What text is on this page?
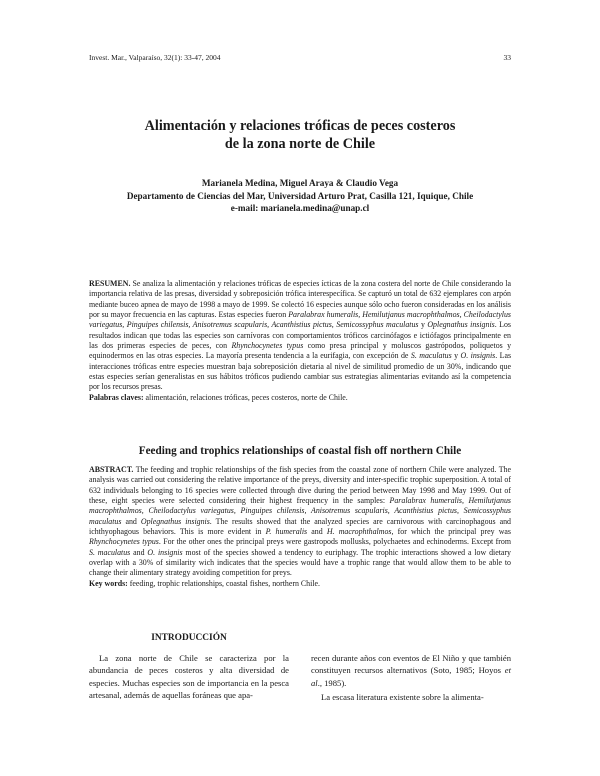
Invest. Mar., Valparaíso, 32(1): 33-47, 2004	33
Alimentación y relaciones tróficas de peces costeros
de la zona norte de Chile
Marianela Medina, Miguel Araya & Claudio Vega
Departamento de Ciencias del Mar, Universidad Arturo Prat, Casilla 121, Iquique, Chile
e-mail: marianela.medina@unap.cl
RESUMEN. Se analiza la alimentación y relaciones tróficas de especies ícticas de la zona costera del norte de Chile considerando la importancia relativa de las presas, diversidad y sobreposición trófica interespecífica. Se capturó un total de 632 ejemplares con arpón mediante buceo apnea de mayo de 1998 a mayo de 1999. Se colectó 16 especies aunque sólo ocho fueron consideradas en los análisis por su mayor frecuencia en las capturas. Estas especies fueron Paralabrax humeralis, Hemilutjanus macrophthalmos, Cheilodactylus variegatus, Pinguipes chilensis, Anisotremus scapularis, Acanthistius pictus, Semicossyphus maculatus y Oplegnathus insignis. Los resultados indican que todas las especies son carnívoras con comportamientos tróficos carcinófagos e ictiófagos principalmente en las dos primeras especies de peces, con Rhynchocynetes typus como presa principal y moluscos gastrópodos, poliquetos y equinodermos en las otras especies. La mayoría presenta tendencia a la eurifagia, con excepción de S. maculatus y O. insignis. Las interacciones tróficas entre especies muestran baja sobreposición dietaria al nivel de similitud promedio de un 30%, indicando que estas especies serían generalistas en sus hábitos tróficos pudiendo cambiar sus estrategias alimentarias evitando así la competencia por los recursos presas.
Palabras claves: alimentación, relaciones tróficas, peces costeros, norte de Chile.
Feeding and trophics relationships of coastal fish off northern Chile
ABSTRACT. The feeding and trophic relationships of the fish species from the coastal zone of northern Chile were analyzed. The analysis was carried out considering the relative importance of the preys, diversity and inter-specific trophic superposition. A total of 632 individuals belonging to 16 species were collected through dive during the period between May 1998 and May 1999. Out of these, eight species were selected considering their highest frequency in the samples: Paralabrax humeralis, Hemilutjanus macrophthalmos, Cheilodactylus variegatus, Pinguipes chilensis, Anisotremus scapularis, Acanthistius pictus, Semicossyphus maculatus and Oplegnathus insignis. The results showed that the analyzed species are carnivorous with carcinophagous and ichthyophagous behaviors. This is more evident in P. humeralis and H. macrophthalmos, for which the principal prey was Rhynchocynetes typus. For the other ones the principal preys were gastropods mollusks, polychaetes and echinoderms. Except from S. maculatus and O. insignis most of the species showed a tendency to euriphagy. The trophic interactions showed a low dietary overlap with a 30% of similarity wich indicates that the species would have a trophic range that would allow them to be able to change their alimentary strategy avoiding competition for preys.
Key words: feeding, trophic relationships, coastal fishes, northern Chile.
INTRODUCCIÓN

La zona norte de Chile se caracteriza por la abundancia de peces costeros y alta diversidad de especies. Muchas especies son de importancia en la pesca artesanal, además de aquellas foráneas que apa-

recen durante años con eventos de El Niño y que también constituyen recursos alternativos (Soto, 1985; Hoyos et al., 1985).

La escasa literatura existente sobre la alimenta-
